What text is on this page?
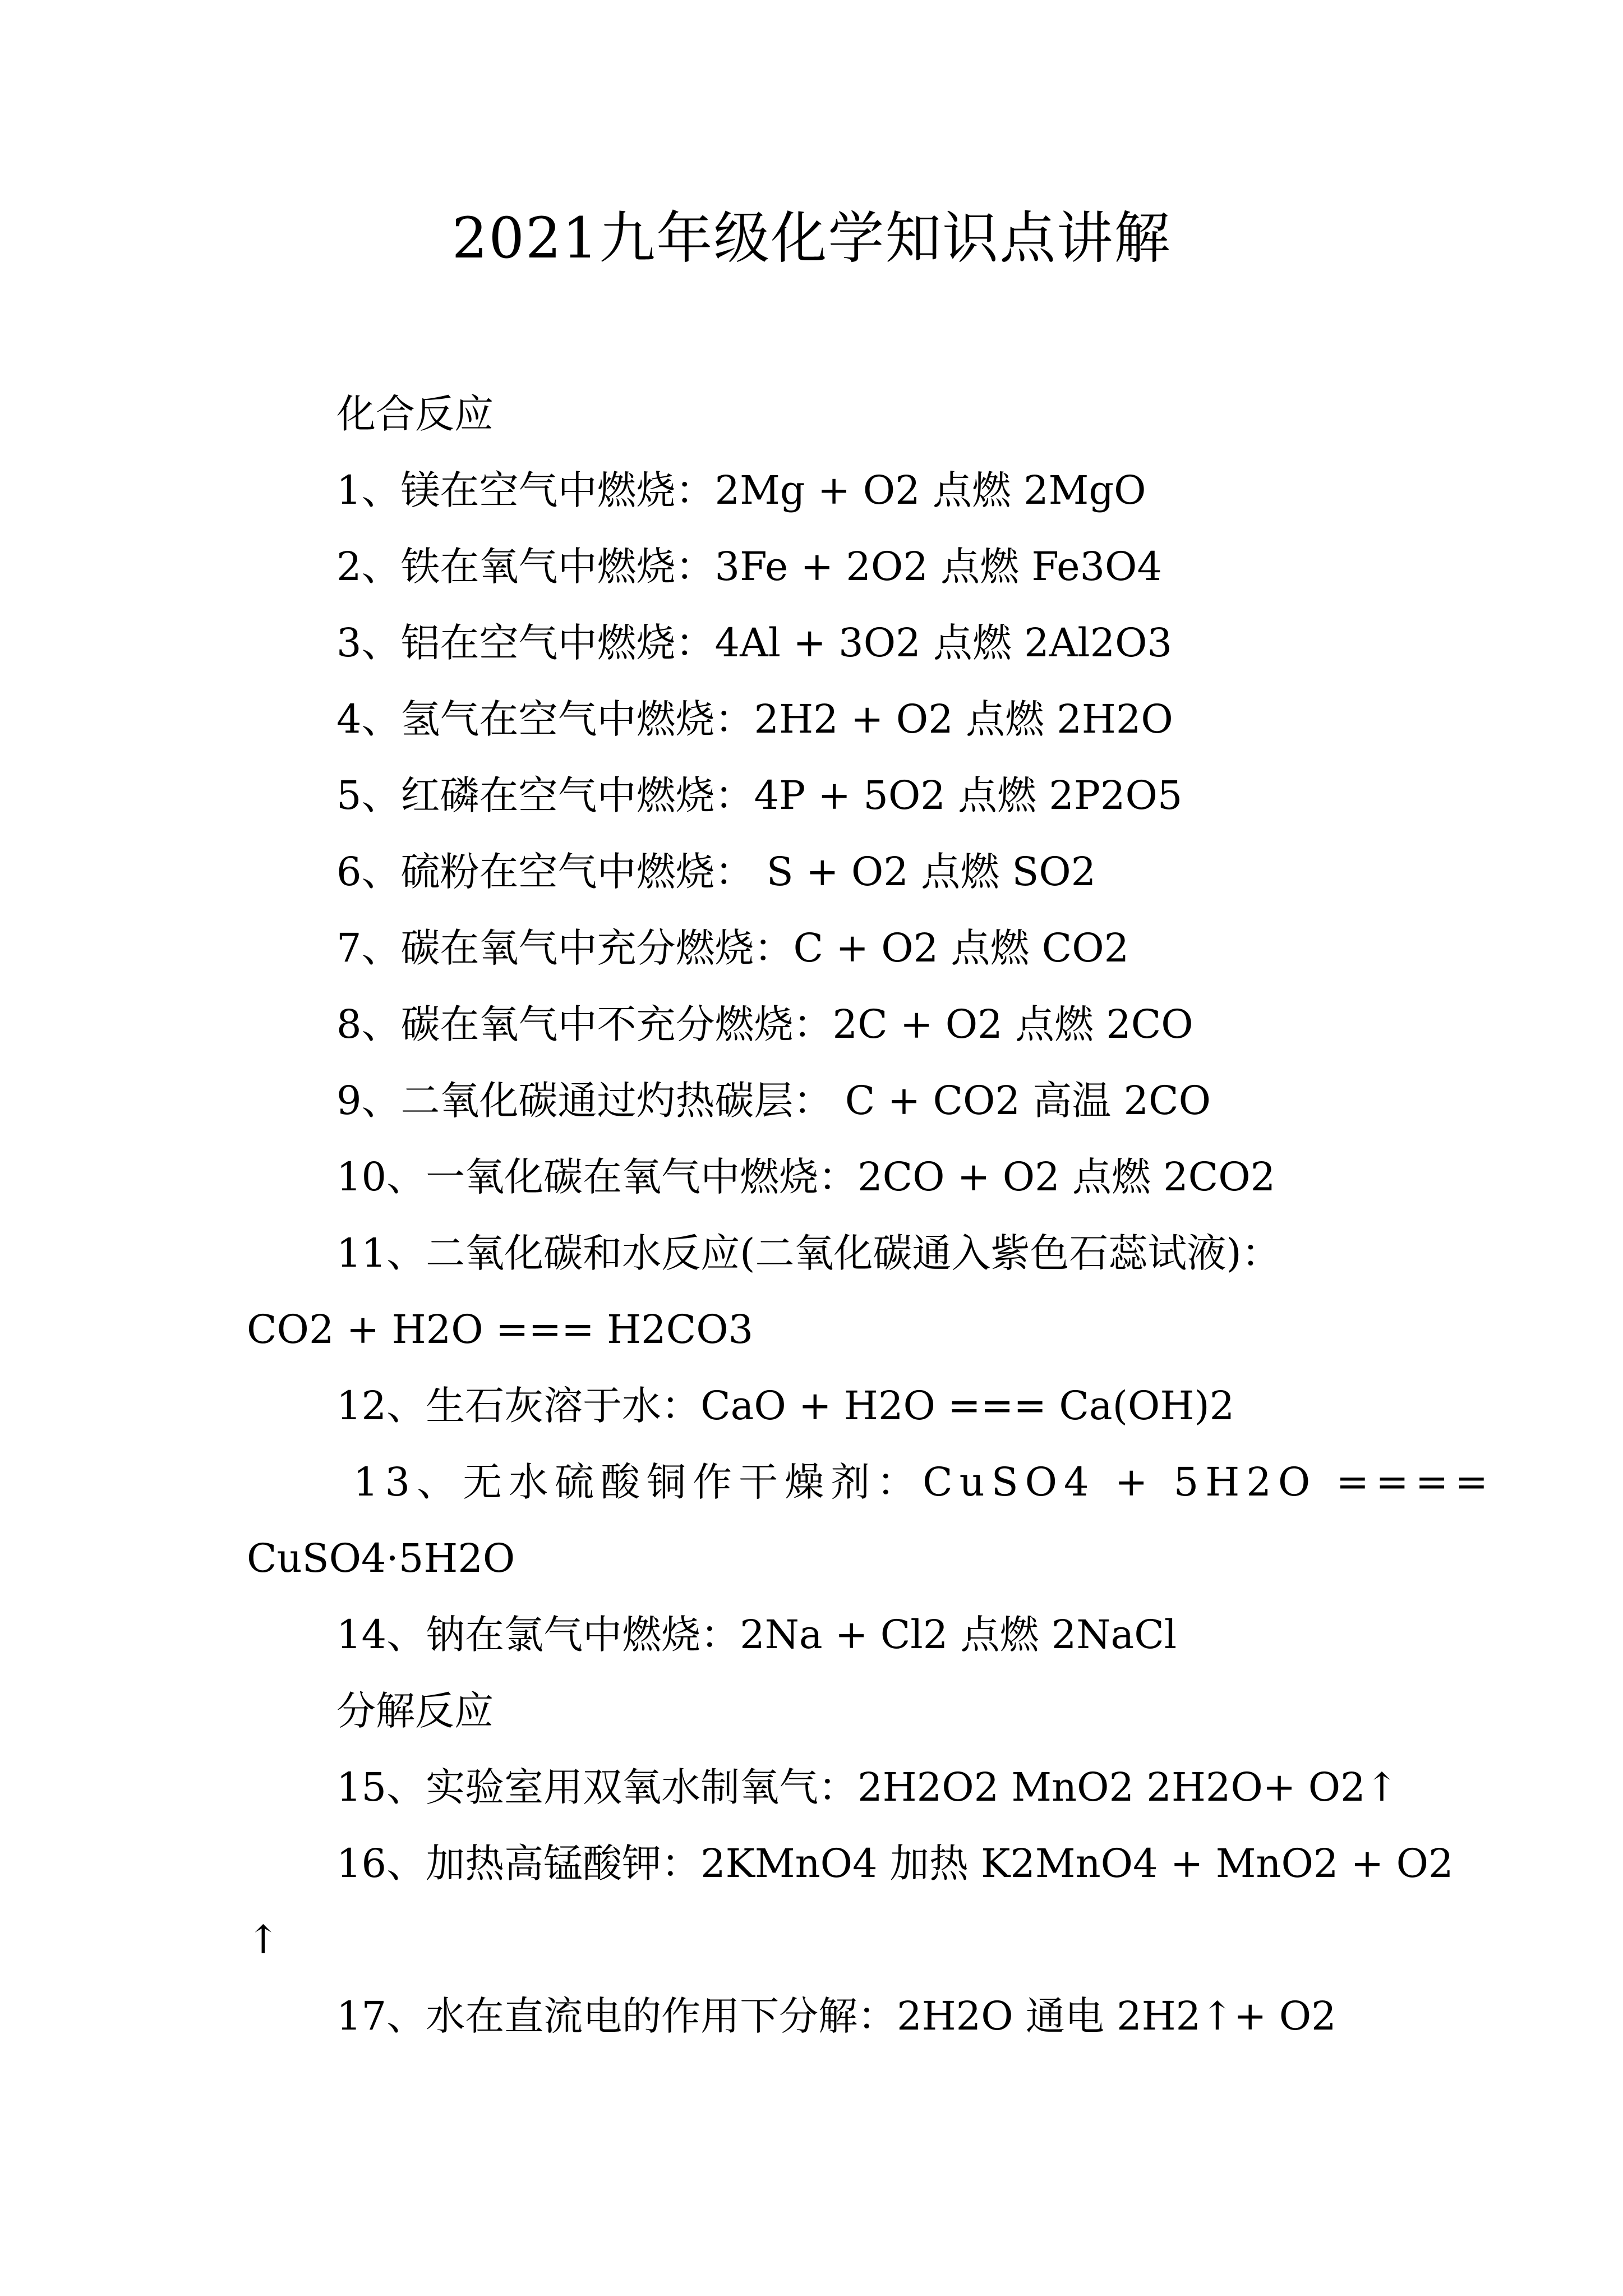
2021九年级化学知识点讲解

化合反应

1、镁在空气中燃烧：2Mg + O2 点燃 2MgO

2、铁在氧气中燃烧：3Fe + 2O2 点燃 Fe3O4

3、铝在空气中燃烧：4Al + 3O2 点燃 2Al2O3

4、氢气在空气中燃烧：2H2 + O2 点燃 2H2O

5、红磷在空气中燃烧：4P + 5O2 点燃 2P2O5

6、硫粉在空气中燃烧： S + O2 点燃 SO2

7、碳在氧气中充分燃烧：C + O2 点燃 CO2

8、碳在氧气中不充分燃烧：2C + O2 点燃 2CO

9、二氧化碳通过灼热碳层： C + CO2 高温 2CO

10、一氧化碳在氧气中燃烧：2CO + O2 点燃 2CO2

11、二氧化碳和水反应(二氧化碳通入紫色石蕊试液)：

CO2 + H2O === H2CO3

12、生石灰溶于水：CaO + H2O === Ca(OH)2

13、无水硫酸铜作干燥剂：CuSO4 + 5H2O ====

CuSO4·5H2O

14、钠在氯气中燃烧：2Na + Cl2 点燃 2NaCl

分解反应

15、实验室用双氧水制氧气：2H2O2 MnO2 2H2O+ O2↑

16、加热高锰酸钾：2KMnO4 加热 K2MnO4 + MnO2 + O2

↑

17、水在直流电的作用下分解：2H2O 通电 2H2↑+ O2
